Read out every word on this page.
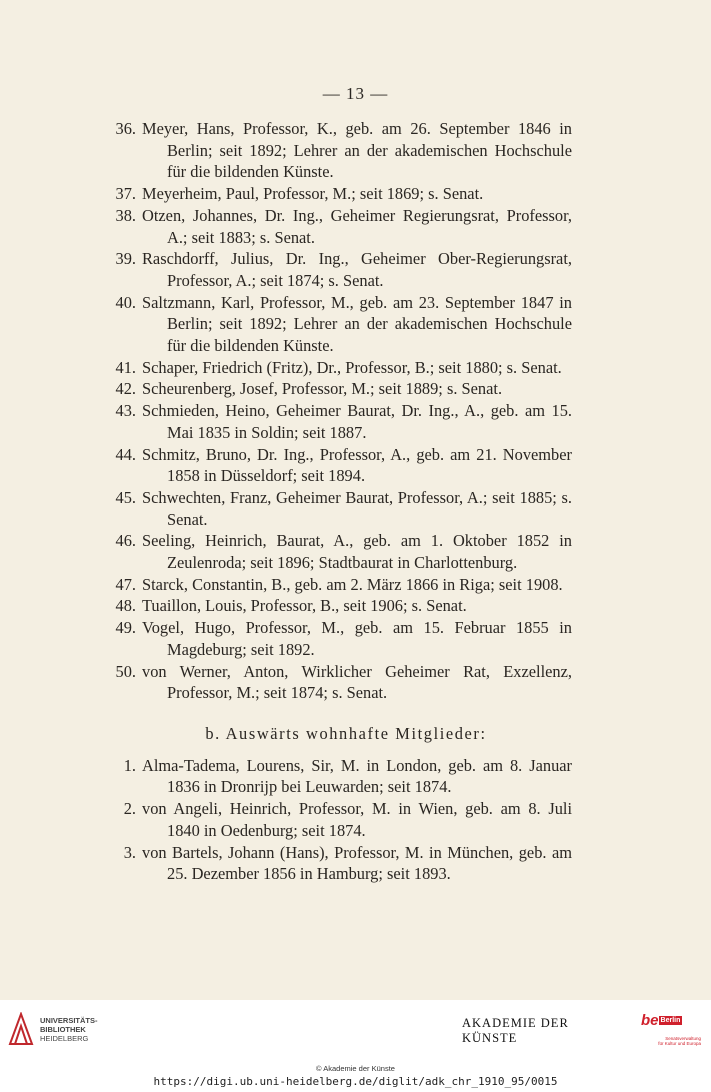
— 13 —
36. Meyer, Hans, Professor, K., geb. am 26. September 1846 in Berlin; seit 1892; Lehrer an der akademischen Hochschule für die bildenden Künste.
37. Meyerheim, Paul, Professor, M.; seit 1869; s. Senat.
38. Otzen, Johannes, Dr. Ing., Geheimer Regierungsrat, Professor, A.; seit 1883; s. Senat.
39. Raschdorff, Julius, Dr. Ing., Geheimer Ober-Regierungsrat, Professor, A.; seit 1874; s. Senat.
40. Saltzmann, Karl, Professor, M., geb. am 23. September 1847 in Berlin; seit 1892; Lehrer an der akademischen Hochschule für die bildenden Künste.
41. Schaper, Friedrich (Fritz), Dr., Professor, B.; seit 1880; s. Senat.
42. Scheurenberg, Josef, Professor, M.; seit 1889; s. Senat.
43. Schmieden, Heino, Geheimer Baurat, Dr. Ing., A., geb. am 15. Mai 1835 in Soldin; seit 1887.
44. Schmitz, Bruno, Dr. Ing., Professor, A., geb. am 21. November 1858 in Düsseldorf; seit 1894.
45. Schwechten, Franz, Geheimer Baurat, Professor, A.; seit 1885; s. Senat.
46. Seeling, Heinrich, Baurat, A., geb. am 1. Oktober 1852 in Zeulenroda; seit 1896; Stadtbaurat in Charlottenburg.
47. Starck, Constantin, B., geb. am 2. März 1866 in Riga; seit 1908.
48. Tuaillon, Louis, Professor, B., seit 1906; s. Senat.
49. Vogel, Hugo, Professor, M., geb. am 15. Februar 1855 in Magdeburg; seit 1892.
50. von Werner, Anton, Wirklicher Geheimer Rat, Exzellenz, Professor, M.; seit 1874; s. Senat.
b. Auswärts wohnhafte Mitglieder:
1. Alma-Tadema, Lourens, Sir, M. in London, geb. am 8. Januar 1836 in Dronrijp bei Leuwarden; seit 1874.
2. von Angeli, Heinrich, Professor, M. in Wien, geb. am 8. Juli 1840 in Oedenburg; seit 1874.
3. von Bartels, Johann (Hans), Professor, M. in München, geb. am 25. Dezember 1856 in Hamburg; seit 1893.
UNIVERSITÄTS-
BIBLIOTHEK
HEIDELBERG
AKADEMIE DER KÜNSTE
be Berlin
Senatsverwaltung
für Kultur und Europa
© Akademie der Künste
https://digi.ub.uni-heidelberg.de/diglit/adk_chr_1910_95/0015
